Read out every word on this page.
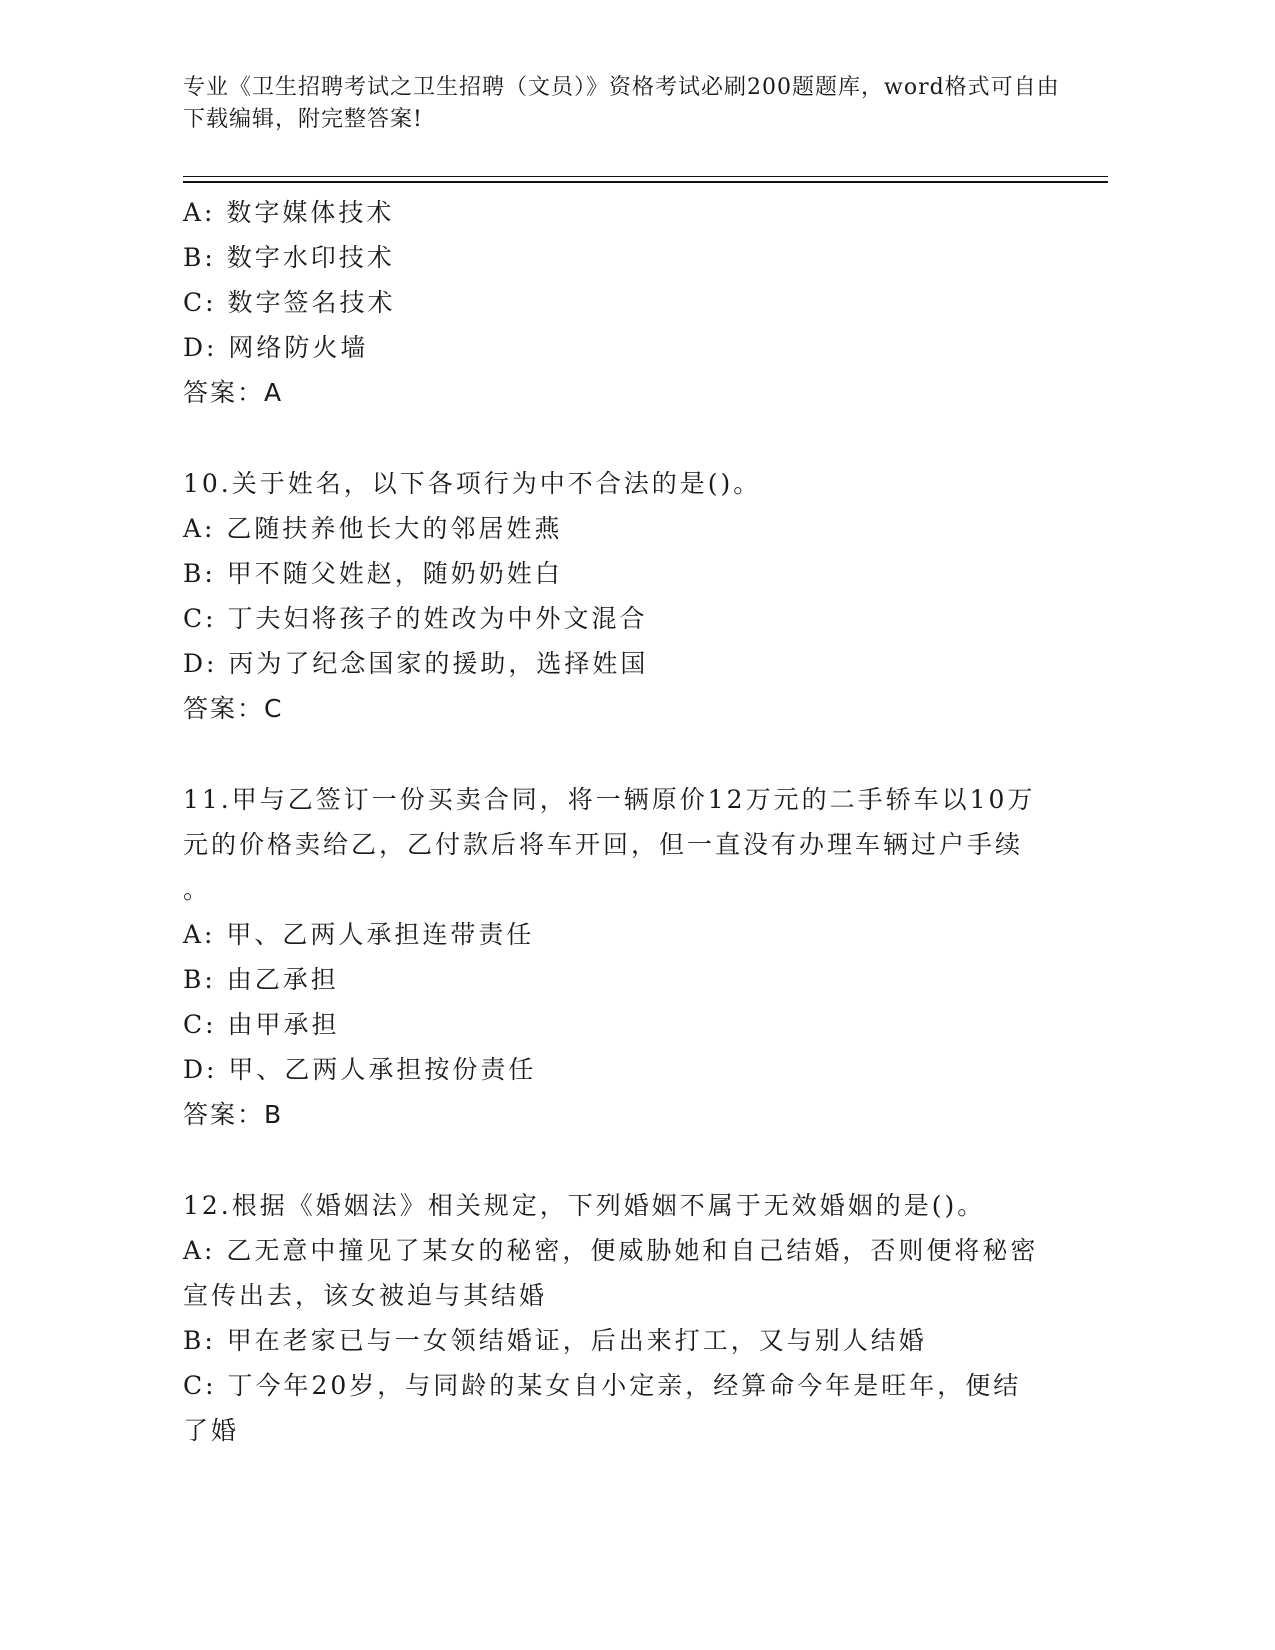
专业《卫生招聘考试之卫生招聘（文员）》资格考试必刷200题题库，word格式可自由下载编辑，附完整答案!
A: 数字媒体技术
B: 数字水印技术
C: 数字签名技术
D: 网络防火墙
答案：A
10.关于姓名，以下各项行为中不合法的是()。
A: 乙随扶养他长大的邻居姓燕
B: 甲不随父姓赵，随奶奶姓白
C: 丁夫妇将孩子的姓改为中外文混合
D: 丙为了纪念国家的援助，选择姓国
答案：C
11.甲与乙签订一份买卖合同，将一辆原价12万元的二手轿车以10万
元的价格卖给乙，乙付款后将车开回，但一直没有办理车辆过户手续
。
A: 甲、乙两人承担连带责任
B: 由乙承担
C: 由甲承担
D: 甲、乙两人承担按份责任
答案：B
12.根据《婚姻法》相关规定，下列婚姻不属于无效婚姻的是()。
A: 乙无意中撞见了某女的秘密，便威胁她和自己结婚，否则便将秘密
宣传出去，该女被迫与其结婚
B: 甲在老家已与一女领结婚证，后出来打工，又与别人结婚
C: 丁今年20岁，与同龄的某女自小定亲，经算命今年是旺年，便结
了婚
